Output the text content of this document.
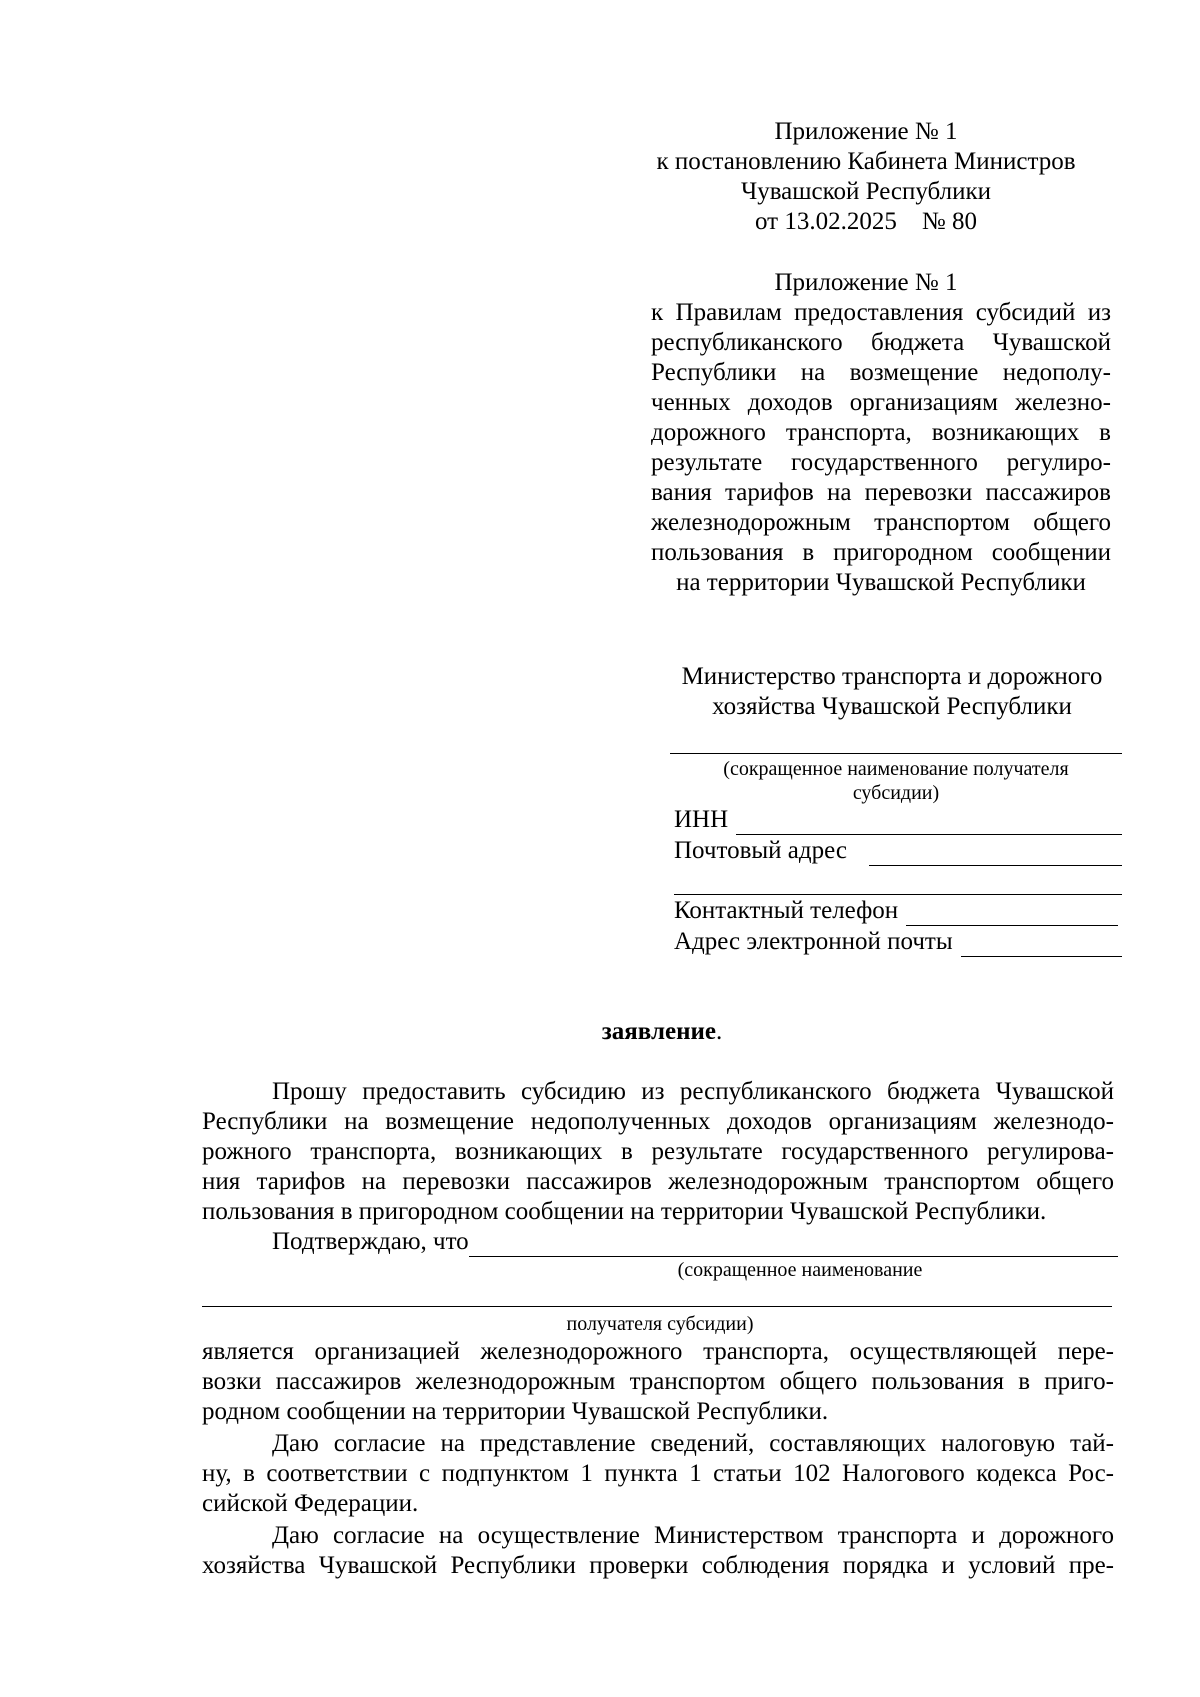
Приложение № 1
к постановлению Кабинета Министров
Чувашской Республики
от 13.02.2025    № 80
Приложение № 1
к Правилам предоставления субсидий из
республиканского бюджета Чувашской
Республики на возмещение недополу-
ченных доходов организациям железно-
дорожного транспорта, возникающих в
результате государственного регулиро-
вания тарифов на перевозки пассажиров
железнодорожным транспортом общего
пользования в пригородном сообщении
на территории Чувашской Республики
Министерство транспорта и дорожного
хозяйства Чувашской Республики
(сокращенное наименование получателя
субсидии)
ИНН
Почтовый адрес
Контактный телефон
Адрес электронной почты
заявление.
Прошу предоставить субсидию из республиканского бюджета Чувашской
Республики на возмещение недополученных доходов организациям железнодо-
рожного транспорта, возникающих в результате государственного регулирова-
ния тарифов на перевозки пассажиров железнодорожным транспортом общего
пользования в пригородном сообщении на территории Чувашской Республики.
Подтверждаю, что
(сокращенное наименование
получателя субсидии)
является организацией железнодорожного транспорта, осуществляющей пере-
возки пассажиров железнодорожным транспортом общего пользования в приго-
родном сообщении на территории Чувашской Республики.
Даю согласие на представление сведений, составляющих налоговую тай-
ну, в соответствии с подпунктом 1 пункта 1 статьи 102 Налогового кодекса Рос-
сийской Федерации.
Даю согласие на осуществление Министерством транспорта и дорожного
хозяйства Чувашской Республики проверки соблюдения порядка и условий пре-
